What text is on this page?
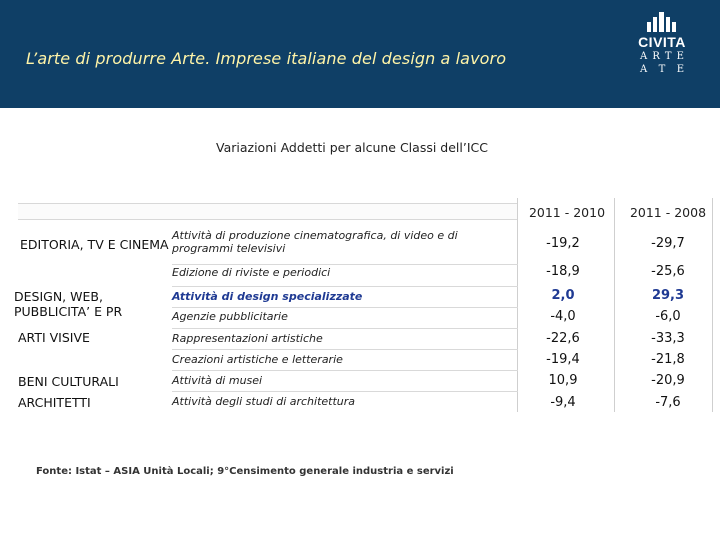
L’arte di produrre Arte. Imprese italiane del design a lavoro
CIVITA
A R T E
A T E
Variazioni Addetti per alcune Classi dell’ICC
2011 - 2010	2011 - 2008
EDITORIA, TV E CINEMA
Attività di produzione cinematografica, di video e di
programmi televisivi	-19,2	-29,7
Edizione di riviste e periodici	-18,9	-25,6
DESIGN, WEB,
PUBBLICITA’ E PR
Attività di design specializzate	2,0	29,3
Agenzie pubblicitarie	-4,0	-6,0
ARTI VISIVE	Rappresentazioni artistiche	-22,6	-33,3
Creazioni artistiche e letterarie	-19,4	-21,8
BENI CULTURALI	Attività di musei	10,9	-20,9
ARCHITETTI	Attività degli studi di architettura	-9,4	-7,6
Fonte: Istat – ASIA Unità Locali; 9°Censimento generale industria e servizi
